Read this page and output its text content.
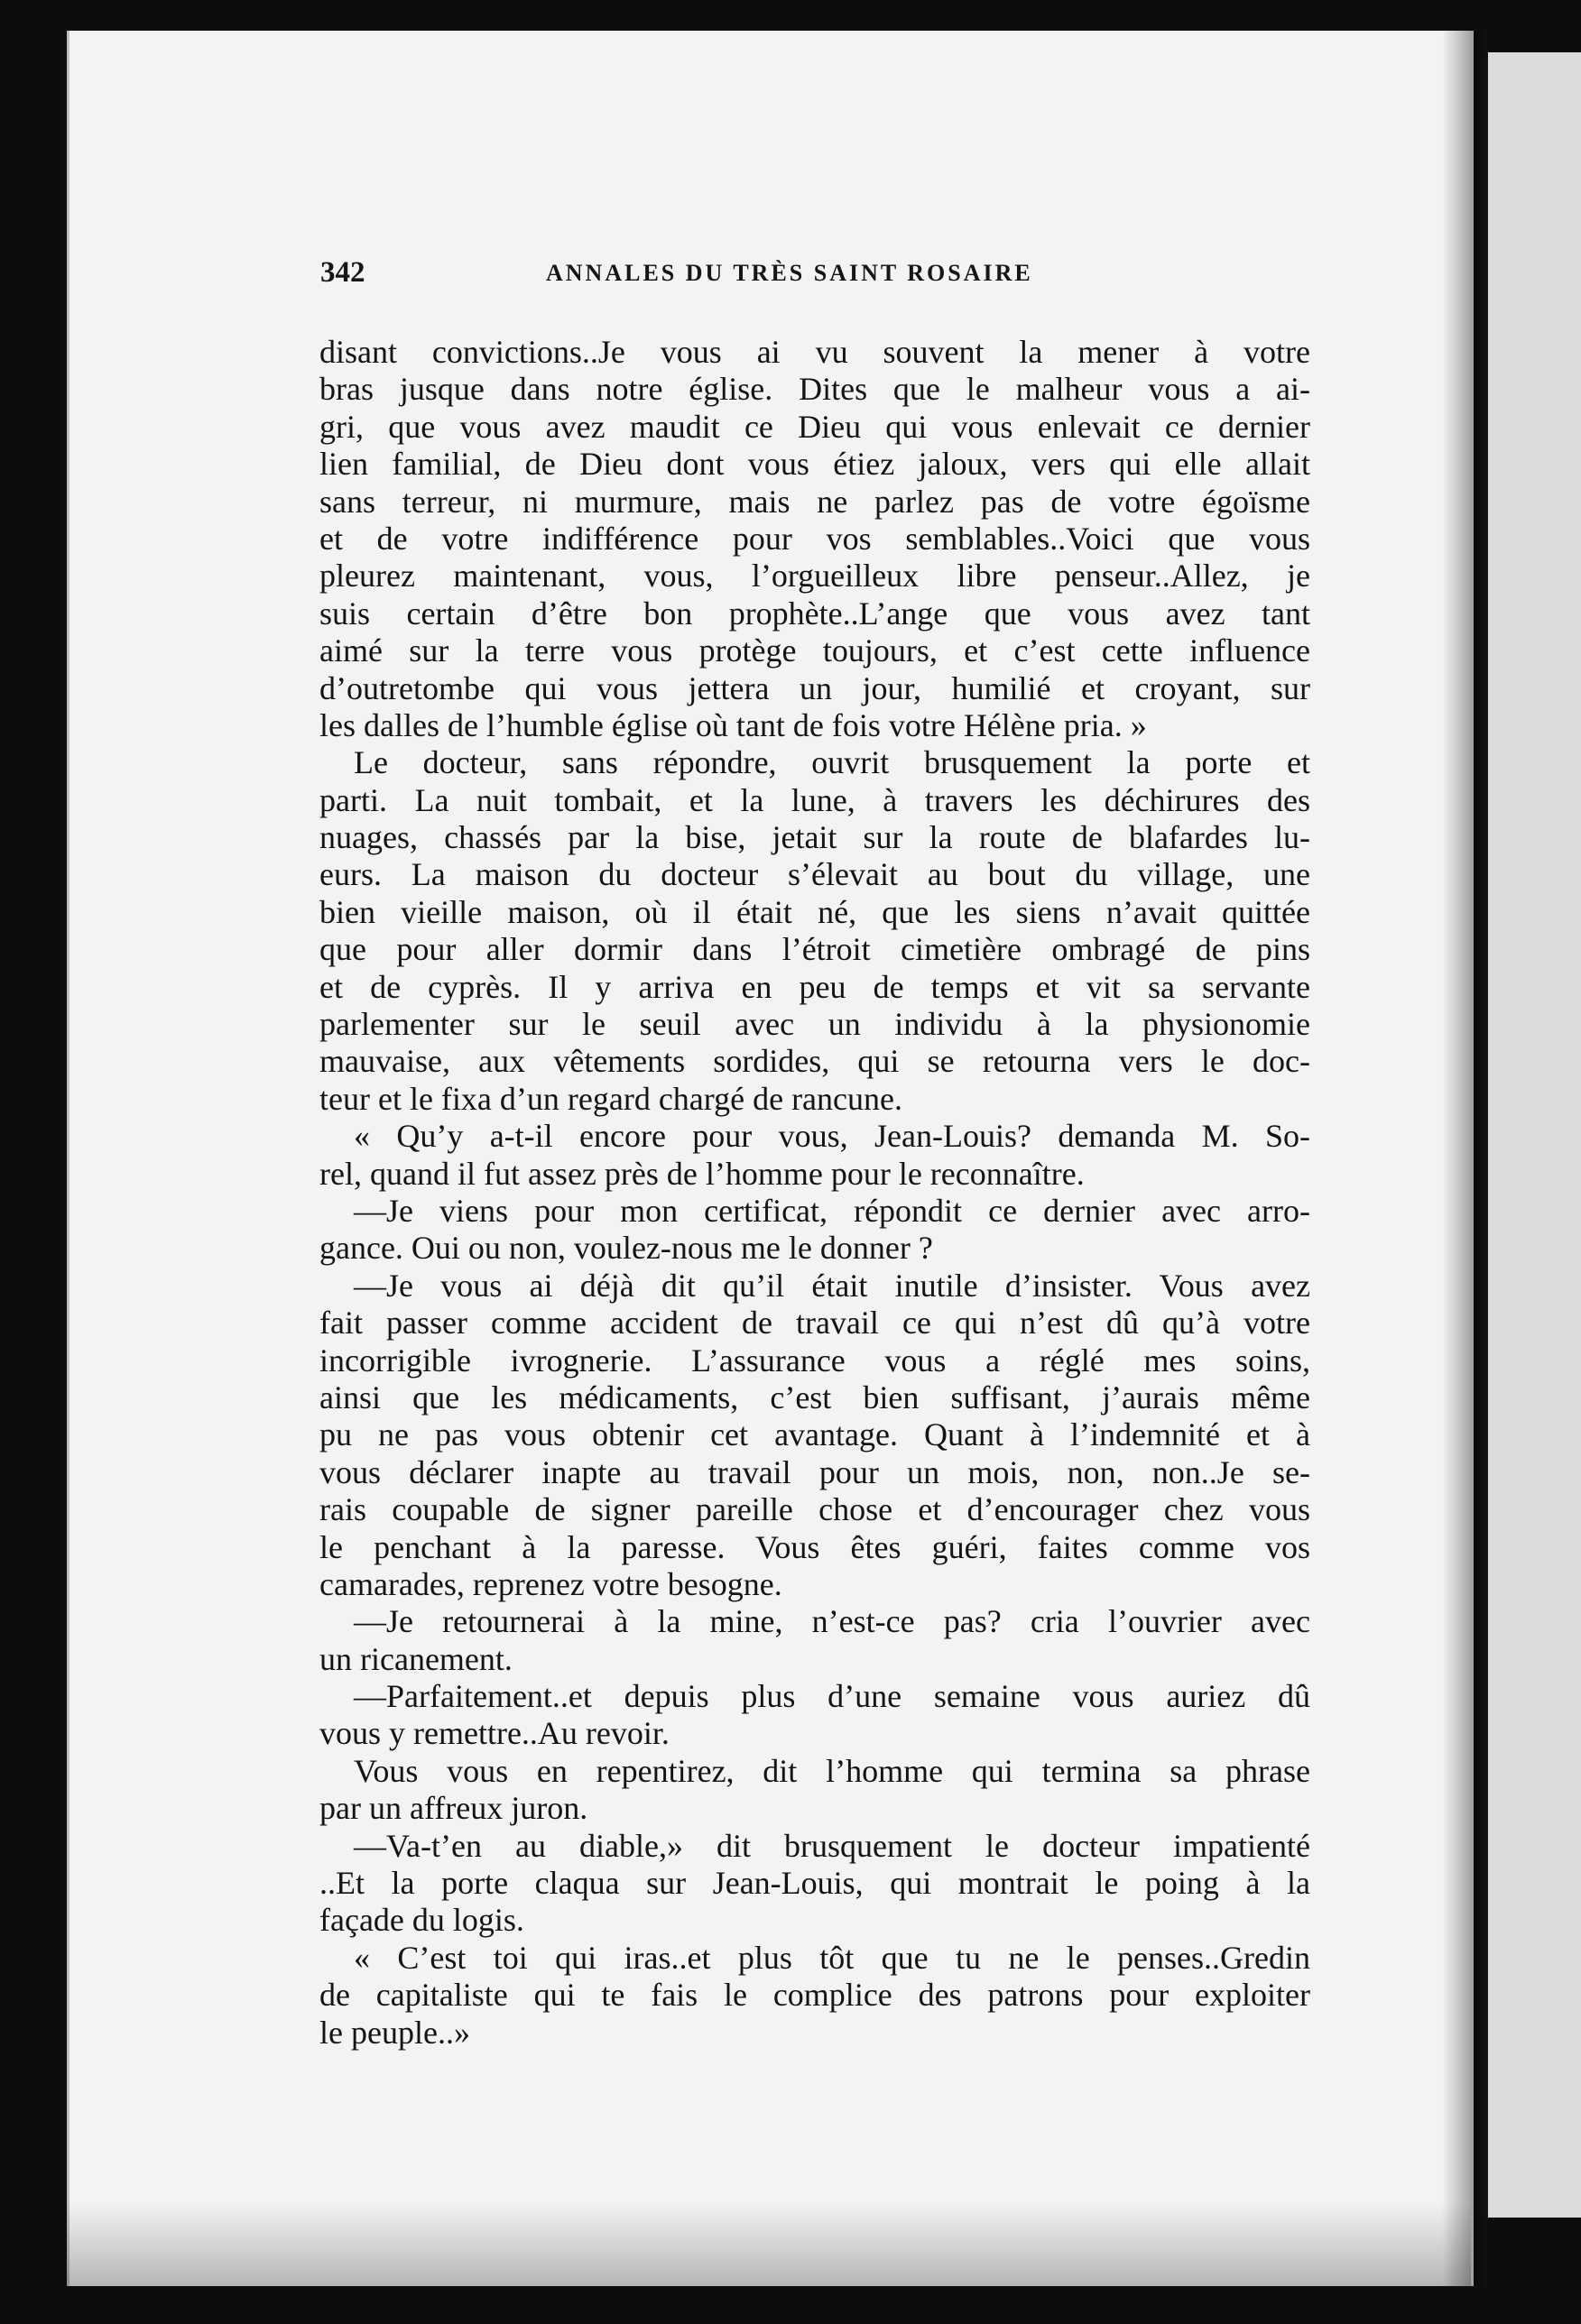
342	ANNALES DU TRÈS SAINT ROSAIRE
disant convictions..Je vous ai vu souvent la mener à votre
bras jusque dans notre église. Dites que le malheur vous a ai-
gri, que vous avez maudit ce Dieu qui vous enlevait ce dernier
lien familial, de Dieu dont vous étiez jaloux, vers qui elle allait
sans terreur, ni murmure, mais ne parlez pas de votre égoïsme
et de votre indifférence pour vos semblables..Voici que vous
pleurez maintenant, vous, l’orgueilleux libre penseur..Allez, je
suis certain d’être bon prophète..L’ange que vous avez tant
aimé sur la terre vous protège toujours, et c’est cette influence
d’outretombe qui vous jettera un jour, humilié et croyant, sur
les dalles de l’humble église où tant de fois votre Hélène pria. »
Le docteur, sans répondre, ouvrit brusquement la porte et
parti. La nuit tombait, et la lune, à travers les déchirures des
nuages, chassés par la bise, jetait sur la route de blafardes lu-
eurs. La maison du docteur s’élevait au bout du village, une
bien vieille maison, où il était né, que les siens n’avait quittée
que pour aller dormir dans l’étroit cimetière ombragé de pins
et de cyprès. Il y arriva en peu de temps et vit sa servante
parlementer sur le seuil avec un individu à la physionomie
mauvaise, aux vêtements sordides, qui se retourna vers le doc-
teur et le fixa d’un regard chargé de rancune.
« Qu’y a-t-il encore pour vous, Jean-Louis? demanda M. So-
rel, quand il fut assez près de l’homme pour le reconnaître.
—Je viens pour mon certificat, répondit ce dernier avec arro-
gance. Oui ou non, voulez-nous me le donner ?
—Je vous ai déjà dit qu’il était inutile d’insister. Vous avez
fait passer comme accident de travail ce qui n’est dû qu’à votre
incorrigible ivrognerie. L’assurance vous a réglé mes soins,
ainsi que les médicaments, c’est bien suffisant, j’aurais même
pu ne pas vous obtenir cet avantage. Quant à l’indemnité et à
vous déclarer inapte au travail pour un mois, non, non..Je se-
rais coupable de signer pareille chose et d’encourager chez vous
le penchant à la paresse. Vous êtes guéri, faites comme vos
camarades, reprenez votre besogne.
—Je retournerai à la mine, n’est-ce pas? cria l’ouvrier avec
un ricanement.
—Parfaitement..et depuis plus d’une semaine vous auriez dû
vous y remettre..Au revoir.
Vous vous en repentirez, dit l’homme qui termina sa phrase
par un affreux juron.
—Va-t’en au diable,» dit brusquement le docteur impatienté
..Et la porte claqua sur Jean-Louis, qui montrait le poing à la
façade du logis.
« C’est toi qui iras..et plus tôt que tu ne le penses..Gredin
de capitaliste qui te fais le complice des patrons pour exploiter
le peuple..»
